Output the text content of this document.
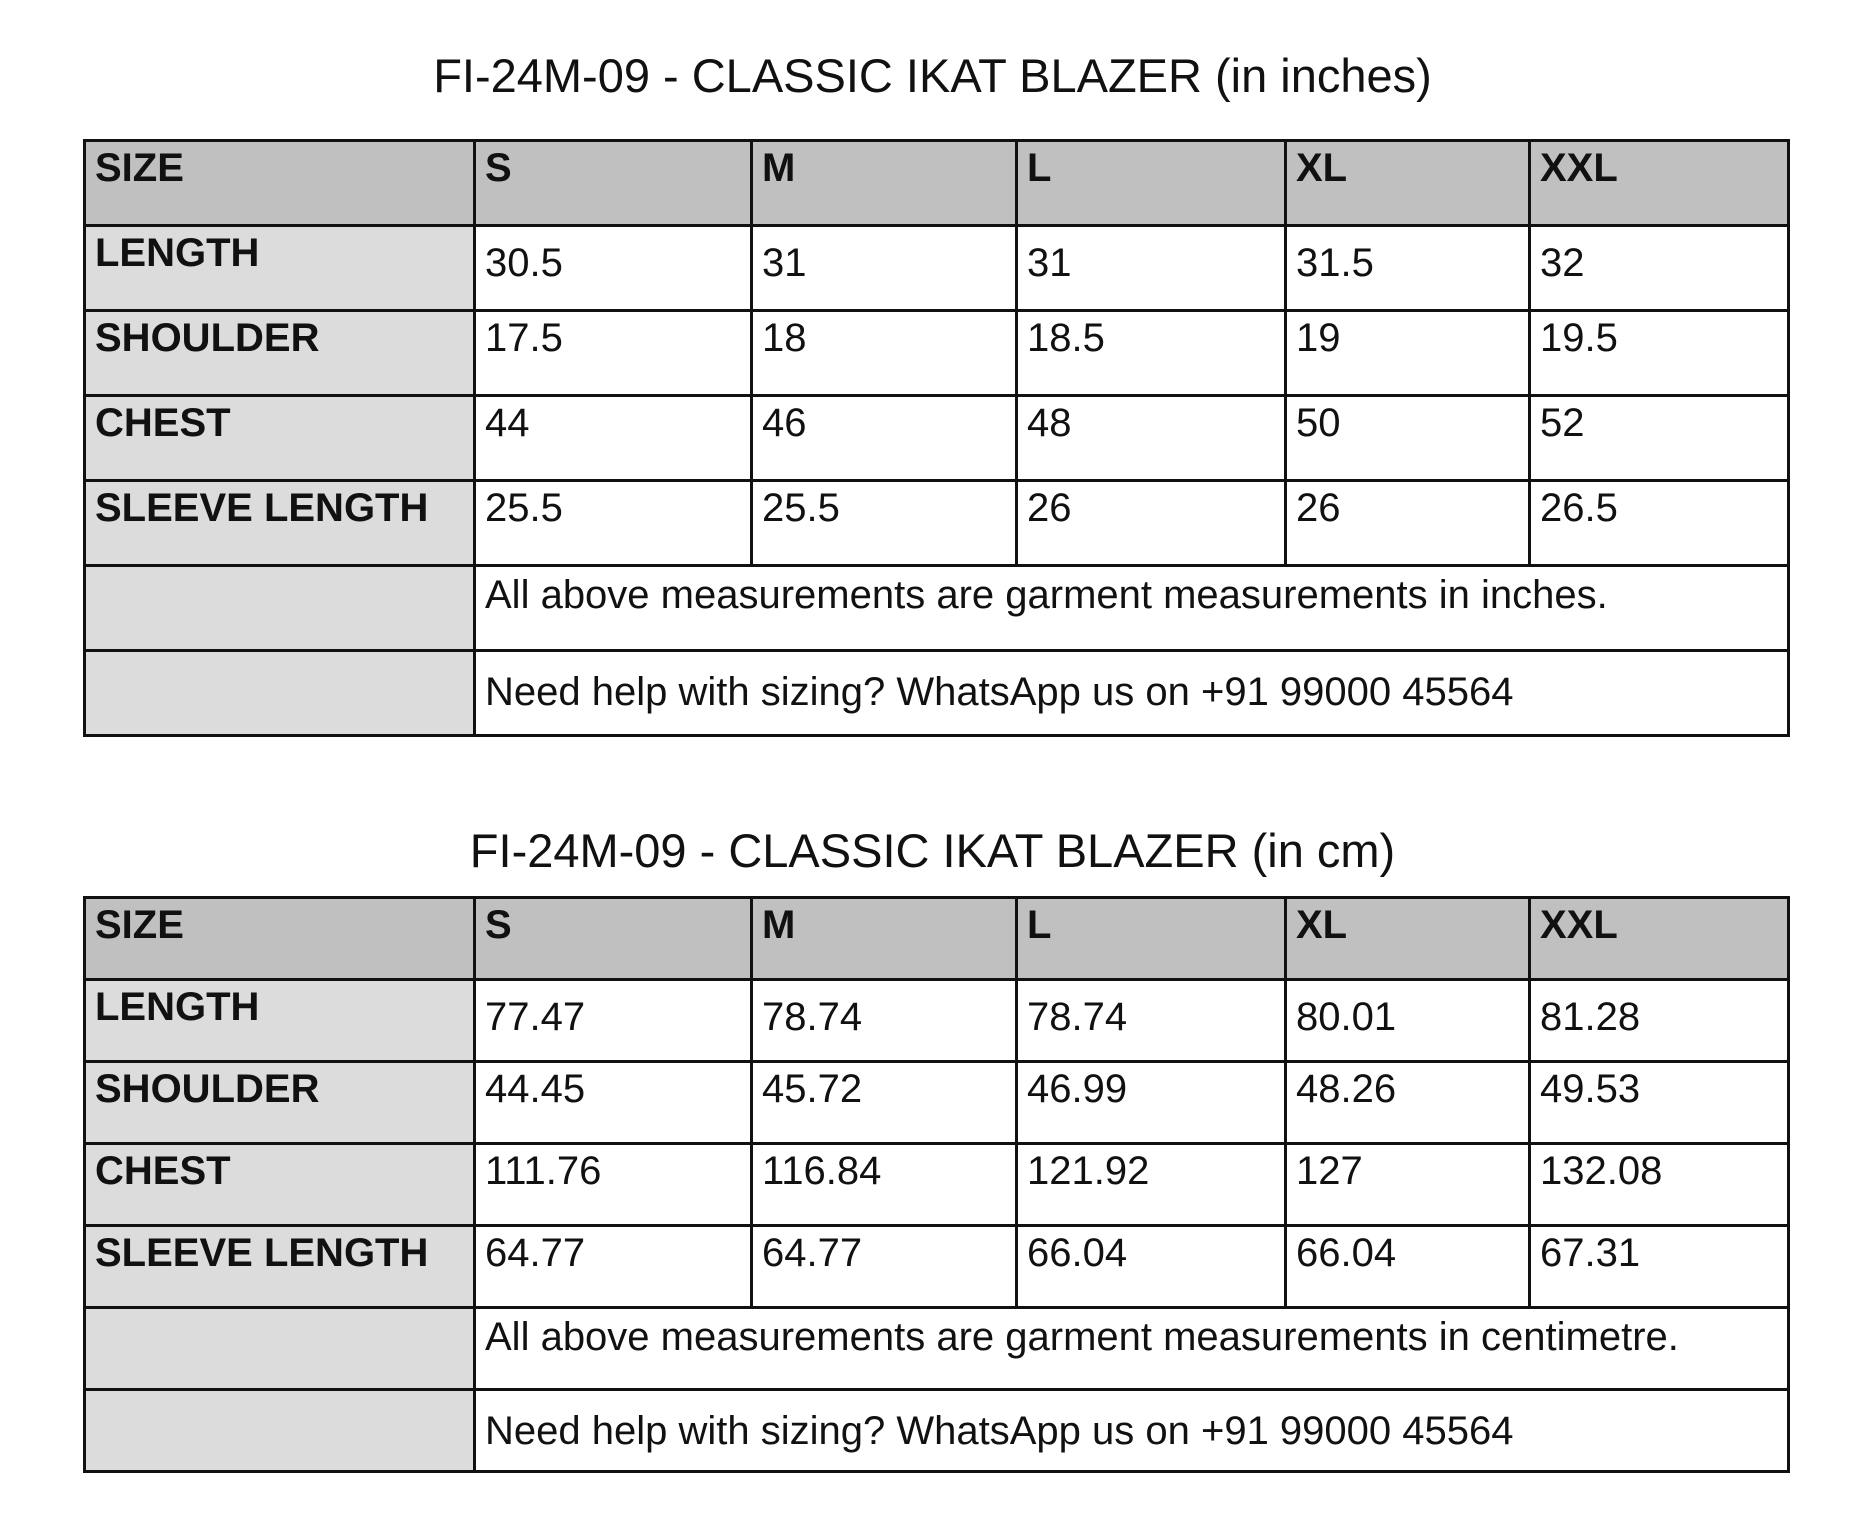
FI-24M-09 - CLASSIC IKAT BLAZER (in inches)
SIZE	S	M	L	XL	XXL

LENGTH	30.5	31	31	31.5	32

SHOULDER	17.5	18	18.5	19	19.5

CHEST	44	46	48	50	52

SLEEVE LENGTH	25.5	25.5	26	26	26.5

	All above measurements are garment measurements in inches.				

	Need help with sizing? WhatsApp us on +91 99000 45564				
FI-24M-09 - CLASSIC IKAT BLAZER (in cm)
SIZE	S	M	L	XL	XXL

LENGTH	77.47	78.74	78.74	80.01	81.28

SHOULDER	44.45	45.72	46.99	48.26	49.53

CHEST	111.76	116.84	121.92	127	132.08

SLEEVE LENGTH	64.77	64.77	66.04	66.04	67.31

	All above measurements are garment measurements in centimetre.				

	Need help with sizing? WhatsApp us on +91 99000 45564				
